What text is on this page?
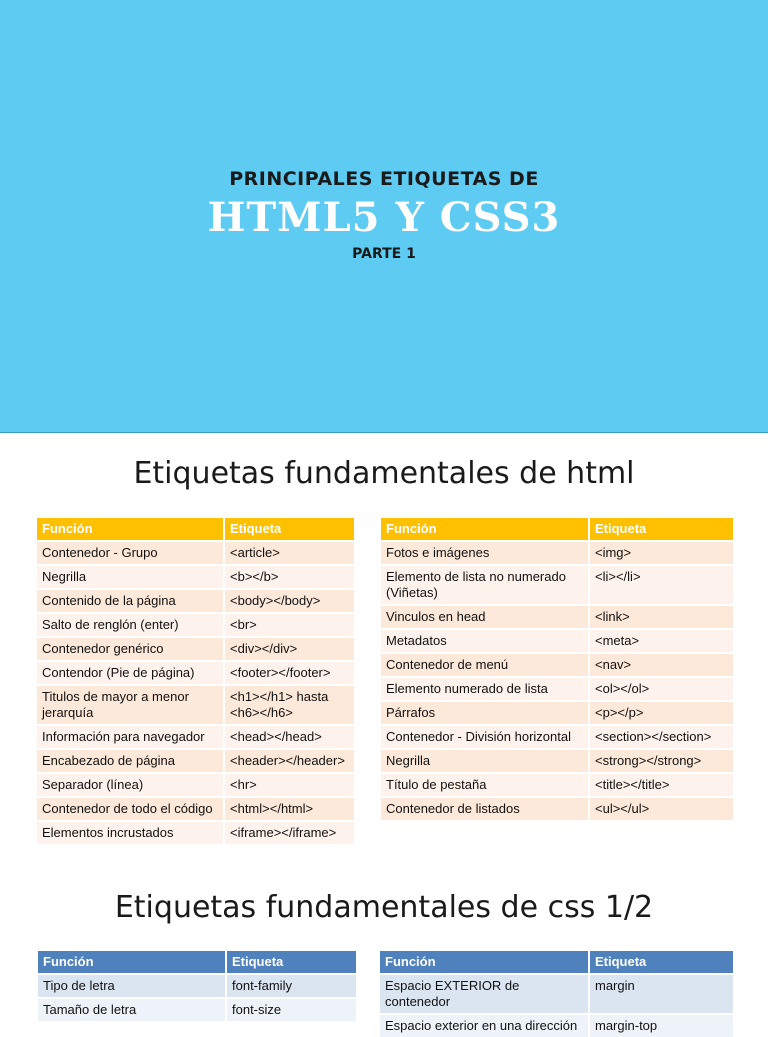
PRINCIPALES ETIQUETAS DE
HTML5 Y CSS3
PARTE 1
Etiquetas fundamentales de html
Función	Etiqueta
Contenedor - Grupo	<article>
Negrilla	<b></b>
Contenido de la página	<body></body>
Salto de renglón (enter)	<br>
Contenedor genérico	<div></div>
Contendor (Pie de página)	<footer></footer>
Titulos de mayor a menor jerarquía	<h1></h1> hasta <h6></h6>
Información para navegador	<head></head>
Encabezado de página	<header></header>
Separador (línea)	<hr>
Contenedor de todo el código	<html></html>
Elementos incrustados	<iframe></iframe>
Función	Etiqueta
Fotos e imágenes	<img>
Elemento de lista no numerado (Viñetas)	<li></li>
Vinculos en head	<link>
Metadatos	<meta>
Contenedor de menú	<nav>
Elemento numerado de lista	<ol></ol>
Párrafos	<p></p>
Contenedor - División horizontal	<section></section>
Negrilla	<strong></strong>
Título de pestaña	<title></title>
Contenedor de listados	<ul></ul>
Etiquetas fundamentales de css 1/2
Función	Etiqueta
Tipo de letra	font-family
Tamaño de letra	font-size
Función	Etiqueta
Espacio EXTERIOR de contenedor	margin
Espacio exterior en una dirección	margin-top
